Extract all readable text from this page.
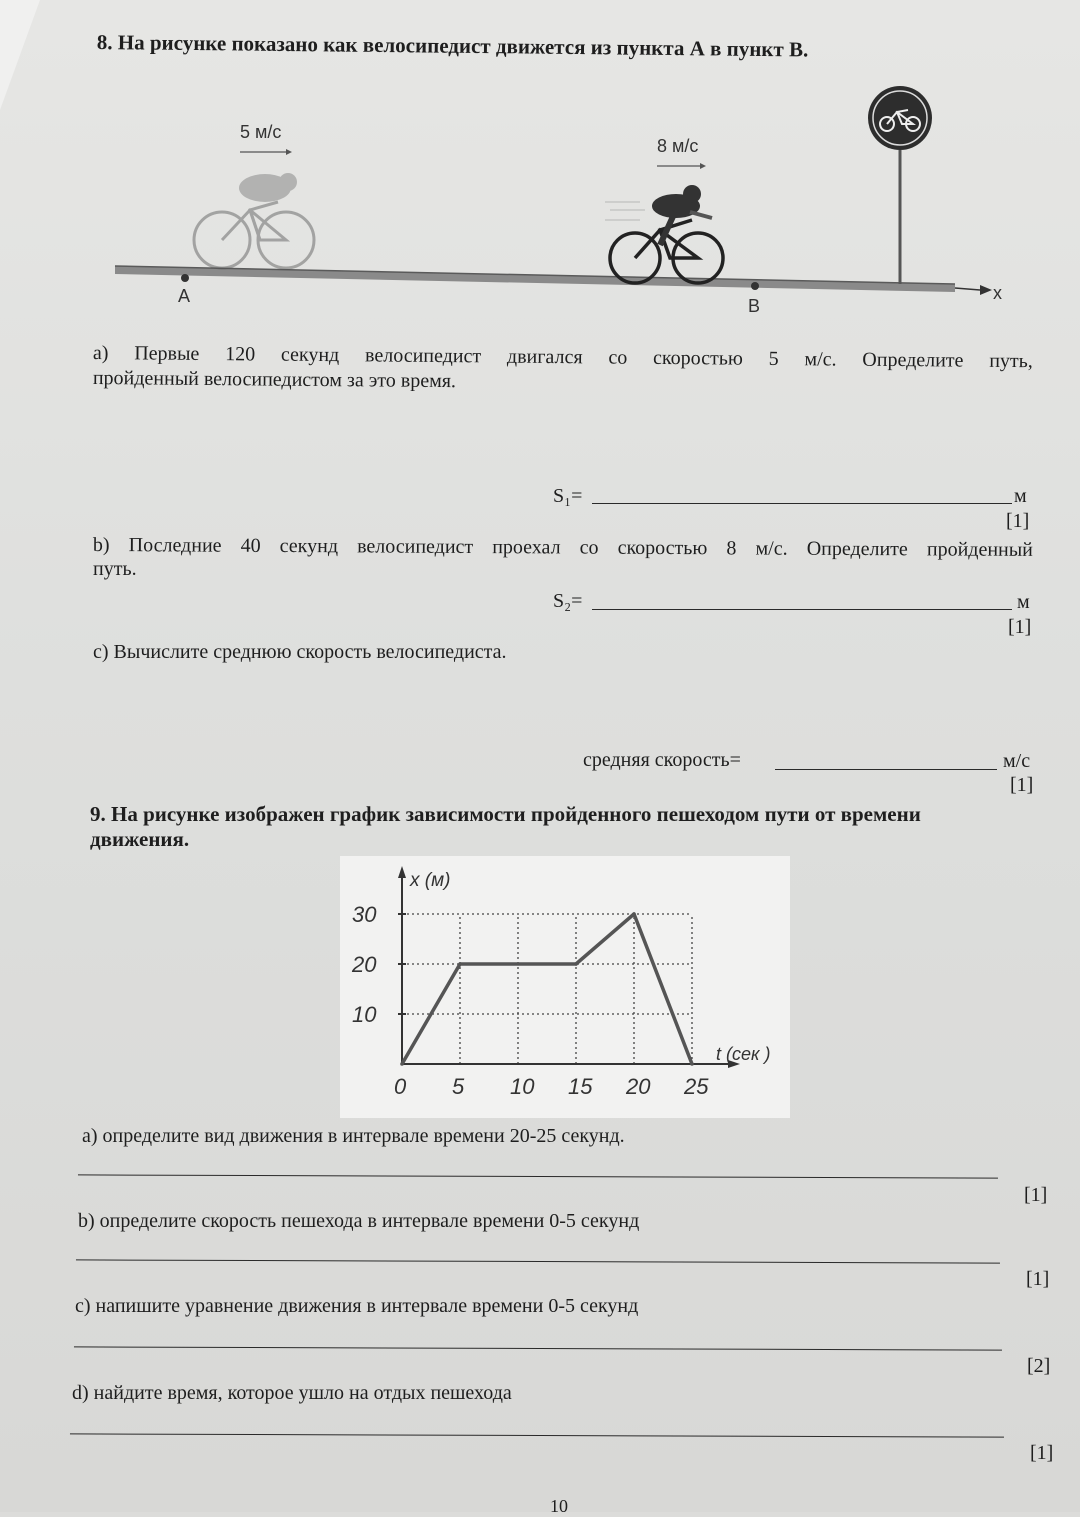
8. На рисунке показано как велосипедист движется из пункта А в пункт В.
x
A	B
5 м/с
8 м/с
а) Первые 120 секунд велосипедист двигался со скоростью 5 м/с. Определите путь,
пройденный велосипедистом за это время.
S₁=	м
[1]
b) Последние 40 секунд велосипедист проехал со скоростью 8 м/с. Определите пройденный
путь.
S₂=	м
[1]
с) Вычислите среднюю скорость велосипедиста.
средняя скорость=	м/с
[1]
9. На рисунке изображен график зависимости пройденного пешеходом пути от времени
движения.
0 5 10 15 20 25
10
20
30
x (м)
t (сек )
а) определите вид движения в интервале времени 20-25 секунд.
[1]
b) определите скорость пешехода в интервале времени 0-5 секунд
[1]
с) напишите уравнение движения в интервале времени 0-5 секунд
[2]
d) найдите время, которое ушло на отдых пешехода
[1]
10
